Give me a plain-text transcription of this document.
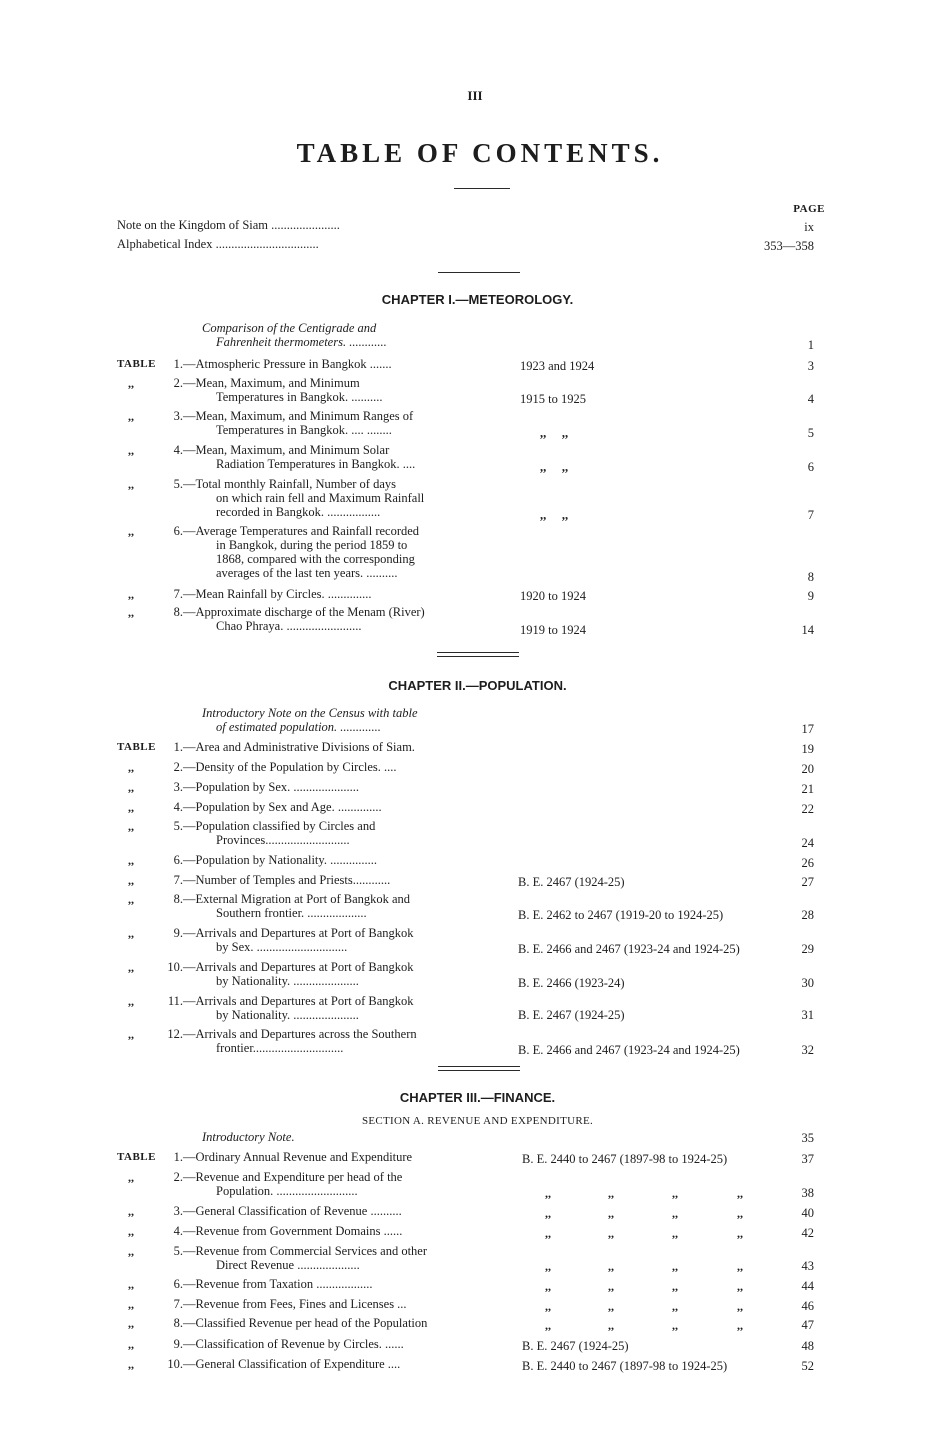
III
TABLE OF CONTENTS.
PAGE
Note on the Kingdom of Siam ......................	ix
Alphabetical Index .................................	353—358
CHAPTER I.—METEOROLOGY.
Comparison of the Centigrade and
Fahrenheit thermometers. ............	1
TABLE	1. —Atmospheric Pressure in Bangkok .......	1923 and 1924	3
,,	2. —Mean, Maximum, and Minimum
Temperatures in Bangkok. ..........	1915 to 1925	4
,,	3. —Mean, Maximum, and Minimum Ranges of
Temperatures in Bangkok. .... ........	,,     ,,	5
,,	4. —Mean, Maximum, and Minimum Solar
Radiation Temperatures in Bangkok. ....	,,     ,,	6
,,	5. —Total monthly Rainfall, Number of days
on which rain fell and Maximum Rainfall
recorded in Bangkok. .................	,,     ,,	7
,,	6. —Average Temperatures and Rainfall recorded
in Bangkok, during the period 1859 to
1868, compared with the corresponding
averages of the last ten years. ..........	8
,,	7. —Mean Rainfall by Circles. ..............	1920 to 1924	9
,,	8. —Approximate discharge of the Menam (River)
Chao Phraya. ........................	1919 to 1924	14
CHAPTER II.—POPULATION.
Introductory Note on the Census with table
of estimated population. .............	17
TABLE	1. —Area and Administrative Divisions of Siam.	19
,,	2. —Density of the Population by Circles. ....	20
,,	3. —Population by Sex. .....................	21
,,	4. —Population by Sex and Age. ..............	22
,,	5. —Population classified by Circles and
Provinces...........................	24
,,	6. —Population by Nationality. ...............	26
,,	7. —Number of Temples and Priests............	B. E. 2467 (1924-25)	27
,,	8. —External Migration at Port of Bangkok and
Southern frontier. ...................	B. E. 2462 to 2467 (1919-20 to 1924-25)	28
,,	9. —Arrivals and Departures at Port of Bangkok
by Sex. .............................	B. E. 2466 and 2467 (1923-24 and 1924-25)	29
,,	10. —Arrivals and Departures at Port of Bangkok
by Nationality. .....................	B. E. 2466 (1923-24)	30
,,	11. —Arrivals and Departures at Port of Bangkok
by Nationality. .....................	B. E. 2467 (1924-25)	31
,,	12. —Arrivals and Departures across the Southern
frontier.............................	B. E. 2466 and 2467 (1923-24 and 1924-25)	32
CHAPTER III.—FINANCE.
SECTION A. REVENUE AND EXPENDITURE.
Introductory Note.	35
TABLE	1. —Ordinary Annual Revenue and Expenditure	B. E. 2440 to 2467 (1897-98 to 1924-25)	37
,,	2. —Revenue and Expenditure per head of the
Population. ..........................	,,	,,	,,	,,	38
,,	3. —General Classification of Revenue ..........	,,	,,	,,	,,	40
,,	4. —Revenue from Government Domains ......	,,	,,	,,	,,	42
,,	5. —Revenue from Commercial Services and other
Direct Revenue ....................	,,	,,	,,	,,	43
,,	6. —Revenue from Taxation ..................	,,	,,	,,	,,	44
,,	7. —Revenue from Fees, Fines and Licenses ...	,,	,,	,,	,,	46
,,	8. —Classified Revenue per head of the Population	,,	,,	,,	,,	47
,,	9. —Classification of Revenue by Circles. ......	B. E. 2467 (1924-25)	48
,,	10. —General Classification of Expenditure ....	B. E. 2440 to 2467 (1897-98 to 1924-25)	52
